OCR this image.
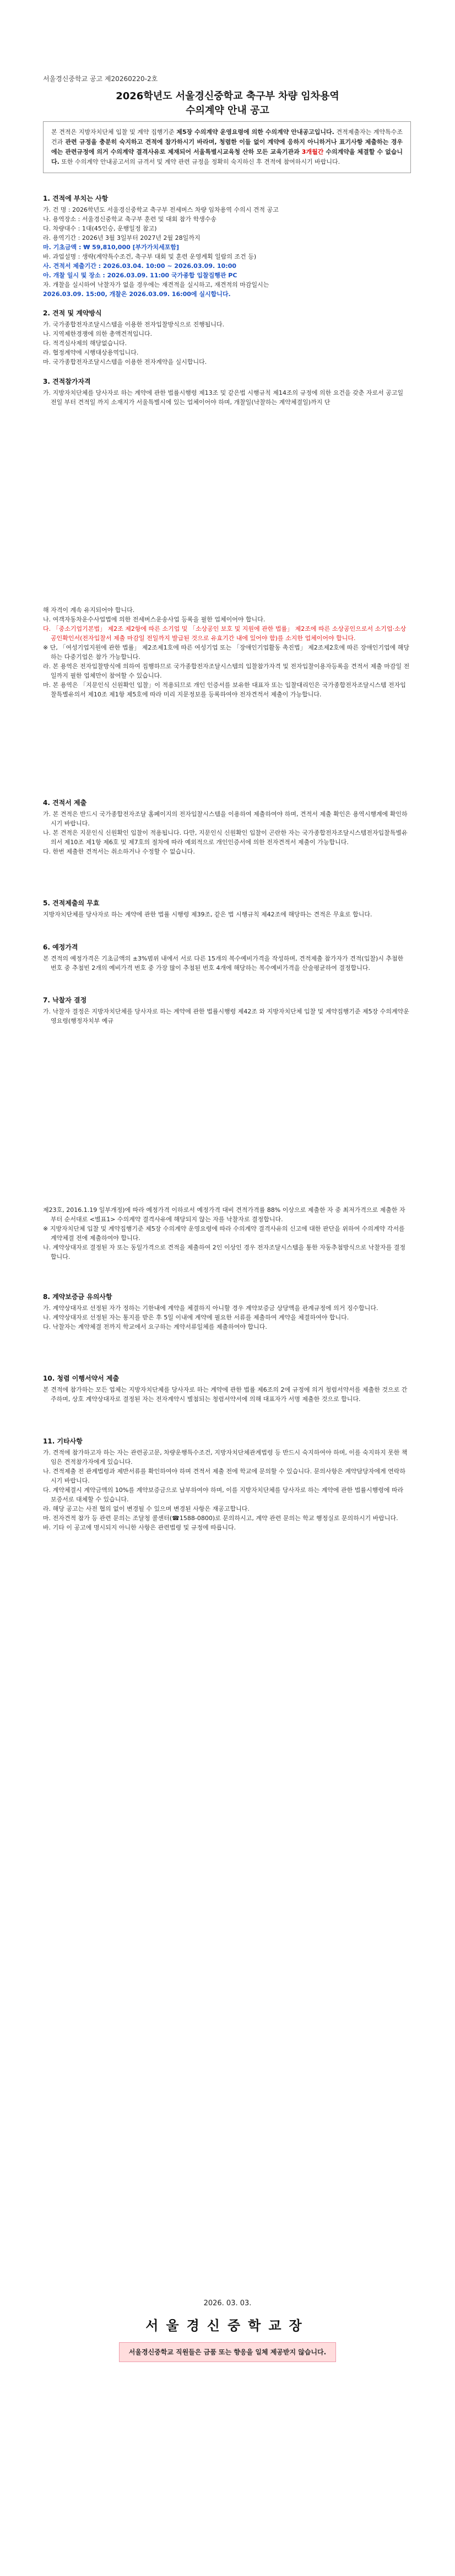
서울경신중학교 공고 제20260220-2호
2026학년도 서울경신중학교 축구부 차량 임차용역
수의계약 안내 공고
본 견적은 지방자치단체 입찰 및 계약 집행기준 제5장 수의계약 운영요령에 의한 수의계약 안내공고입니다. 견적제출자는 계약특수조건과 관련 규정을 충분히 숙지하고 견적에 참가하시기 바라며, 청렴한 이들 없이 계약에 응하지 아니하거나 표기사항 제출하는 경우에는 관련규정에 의거 수의계약 결격사유로 제재되어 서울특별시교육청 산하 모든 교육기관과 3개월간 수의계약을 체결할 수 없습니다. 또한 수의계약 안내공고서의 규격서 및 계약 관련 규정을 정확히 숙지하신 후 견적에 참여하시기 바랍니다.
1. 견적에 부치는 사항

가. 건 명 : 2026학년도 서울경신중학교 축구부 전세버스 차량 임차용역 수의시 견적 공고

나. 용역장소 : 서울경신중학교 축구부 훈련 및 대회 참가 학생수송

다. 차량대수 : 1대(45인승, 운행일정 참고)

라. 용역기간 : 2026년 3월 3일부터 2027년 2월 28일까지

마. 기초금액 : ₩ 59,810,000 [부가가치세포함]

바. 과업설명 : 생략(계약특수조건, 축구부 대회 및 훈련 운영계획 일람의 조건 등)

사. 견적서 제출기간 : 2026.03.04. 10:00 ~ 2026.03.09. 10:00

아. 개찰 일시 및 장소 : 2026.03.09. 11:00 국가종합 입찰집행관 PC

자. 개찰을 실시하여 낙찰자가 없을 경우에는 재견적을 실시하고, 재견적의 마감일시는

2026.03.09. 15:00, 개찰은 2026.03.09. 16:00에 실시합니다.

2. 견적 및 계약방식

가. 국가종합전자조달시스템을 이용한 전자입찰방식으로 진행됩니다.

나. 지역제한경쟁에 의한 총액견적입니다.

다. 적격심사제의 해당없습니다.

라. 협정계약에 시행대상용역입니다.

마. 국가종합전자조달시스템을 이용한 전자계약을 실시합니다.

3. 견적참가자격

가. 지방자치단체를 당사자로 하는 계약에 관한 법률시행령 제13조 및 같은법 시행규칙 제14조의 규정에 의한 요건을 갖춘 자로서 공고일 전일 부터 견적일 까지 소재지가 서울특별시에 있는 업체이어야 하며, 개찰일(낙찰하는 계약체결일)까지 단

해 자격이 계속 유지되어야 합니다.

나. 여객자동차운수사업법에 의한 전세버스운송사업 등록을 필한 업체이어야 합니다.

다. 「중소기업기본법」 제2조 제2항에 따른 소기업 및 「소상공인 보호 및 지원에 관한 법률」 제2조에 따른 소상공인으로서 소기업·소상공인확인서(전자입찰서 제출 마감일 전일까지 발급된 것으로 유효기간 내에 있어야 함)를 소지한 업체이어야 합니다.

※ 단, 「여성기업지원에 관한 법률」 제2조제1호에 따른 여성기업 또는 「장애인기업활동 촉진법」 제2조제2호에 따른 장애인기업에 해당하는 다중기업은 참가 가능합니다.

라. 본 용역은 전자입찰방식에 의하여 집행하므로 국가종합전자조달시스템의 입찰참가자격 및 전자입찰이용자등록을 견적서 제출 마감일 전일까지 필한 업체만이 참여할 수 있습니다.

마. 본 용역은 「지문인식 신원확인 입찰」이 적용되므로 개인 인증서를 보유한 대표자 또는 입찰대리인은 국가종합전자조달시스템 전자입찰특별유의서 제10조 제1항 제5호에 따라 미리 지문정보를 등록하여야 전자견적서 제출이 가능합니다.

4. 견적서 제출

가. 본 견적은 반드시 국가종합전자조달 홈페이지의 전자입찰시스템을 이용하여 제출하여야 하며, 견적서 제출 확인은 용역시행계에 확인하시기 바랍니다.

나. 본 견적은 지문인식 신원확인 입찰이 적용됩니다. 다만, 지문인식 신원확인 입찰이 곤란한 자는 국가종합전자조달시스템전자입찰특별유의서 제10조 제1항 제6호 및 제7호의 절차에 따라 예외적으로 개인인증서에 의한 전자견적서 제출이 가능합니다.

다. 한번 제출한 견적서는 취소하거나 수정할 수 없습니다.

5. 견적제출의 무효

지방자치단체를 당사자로 하는 계약에 관한 법률 시행령 제39조, 같은 법 시행규칙 제42조에 해당하는 견적은 무효로 합니다.

6. 예정가격

본 견적의 예정가격은 기초금액의 ±3%범위 내에서 서로 다른 15개의 복수예비가격을 작성하며, 견적제출 참가자가 견적(입찰)시 추첨한 번호 중 추첨빈 2개의 예비가격 번호 중 가장 많이 추첨된 번호 4개에 해당하는 복수예비가격을 산술평균하여 결정합니다.

7. 낙찰자 결정

가. 낙찰자 결정은 지방자치단체를 당사자로 하는 계약에 관한 법률시행령 제42조 와 지방자치단체 입찰 및 계약집행기준 제5장 수의계약운영요령(행정자치부 예규

제23호, 2016.1.19 일부개정)에 따라 예정가격 이하로서 예정가격 대비 견적가격률 88% 이상으로 제출한 자 중 최저가격으로 제출한 자부터 순서대로 <별표1> 수의계약 결격사유에 해당되지 않는 자를 낙찰자로 결정합니다.

※ 지방자치단체 입찰 및 계약집행기준 제5장 수의계약 운영요령에 따라 수의계약 결격사유의 신고에 대한 판단을 위하여 수의계약 각서를 계약체결 전에 제출하여야 합니다.

나. 계약상대자로 결정된 자 또는 동일가격으로 견적을 제출하여 2인 이상인 경우 전자조달시스템을 통한 자동추첨방식으로 낙찰자를 결정합니다.

8. 계약보증금 유의사항

가. 계약상대자로 선정된 자가 정하는 기한내에 계약을 체결하지 아니할 경우 계약보증금 상당액을 관계규정에 의거 징수합니다.

나. 계약상대자로 선정된 자는 통지를 받은 후 5일 이내에 계약에 필요한 서류를 제출하여 계약을 체결하여야 합니다.

다. 낙찰자는 계약체결 전까지 학교에서 요구하는 계약서류일체를 제출하여야 합니다.

10. 청렴 이행서약서 제출

본 견적에 참가하는 모든 업체는 지방자치단체를 당사자로 하는 계약에 관한 법률 제6조의 2에 규정에 의거 청렴서약서를 제출한 것으로 간주하며, 상호 계약상대자로 결정된 자는 전자계약시 별첨되는 청렴서약서에 의해 대표자가 서명 제출한 것으로 합니다.

11. 기타사항

가. 견적에 참가하고자 하는 자는 관련공고문, 차량운행특수조건, 지방자치단체관계법령 등 반드시 숙지하여야 하며, 이를 숙지하지 못한 책임은 견적참가자에게 있습니다.

나. 견적제출 전 관계법령과 제반서류를 확인하여야 하며 견적서 제출 전에 학교에 문의할 수 있습니다. 문의사항은 계약담당자에게 연락하시기 바랍니다.

다. 계약체결시 계약금액의 10%를 계약보증금으로 납부하여야 하며, 이를 지방자치단체를 당사자로 하는 계약에 관한 법률시행령에 따라 보증서로 대체할 수 있습니다.

라. 해당 공고는 사전 협의 없이 변경될 수 있으며 변경된 사항은 재공고합니다.

마. 전자견적 참가 등 관련 문의는 조달청 콜센터(☎1588-0800)로 문의하시고, 계약 관련 문의는 학교 행정실로 문의하시기 바랍니다.

바. 기타 이 공고에 명시되지 아니한 사항은 관련법령 및 규정에 따릅니다.

2026. 03. 03.
서울경신중학교장
서울경신중학교 직원들은 금품 또는 향응을 일체 제공받지 않습니다.
